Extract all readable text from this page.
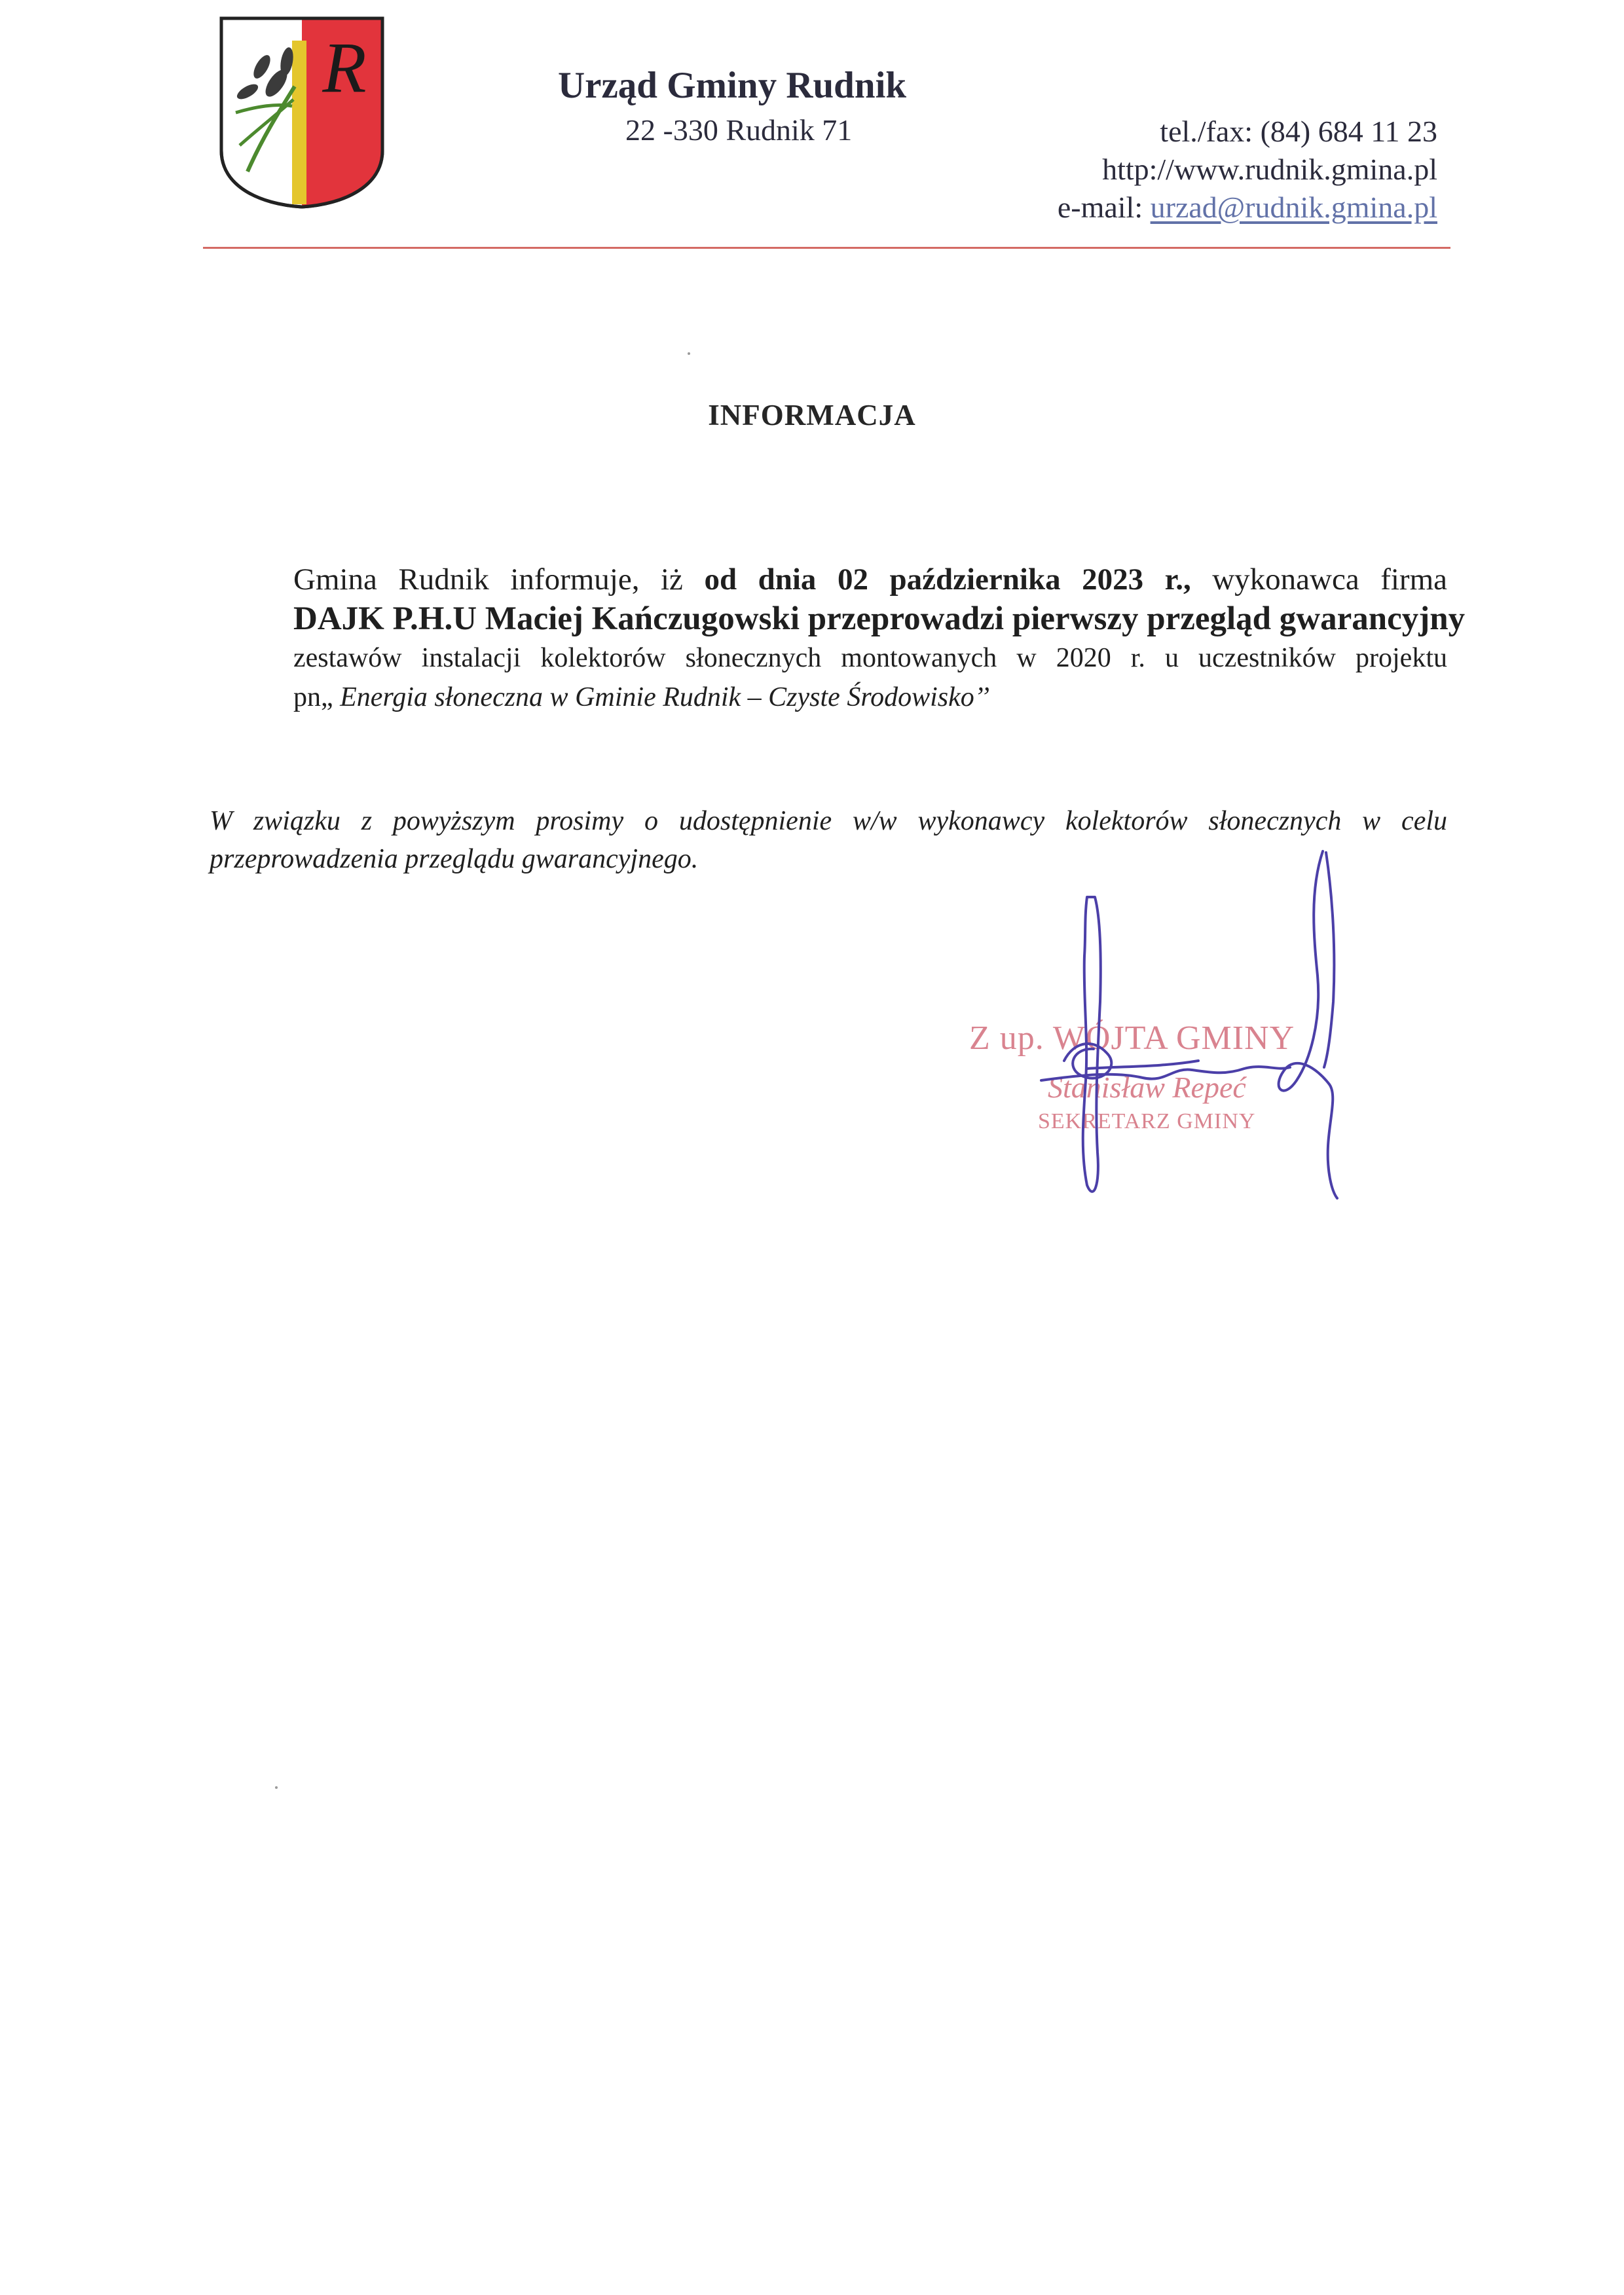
R	Urząd Gminy Rudnik
22 -330 Rudnik 71	tel./fax: (84) 684 11 23
http://www.rudnik.gmina.pl
e-mail: urzad@rudnik.gmina.pl
INFORMACJA
Gmina Rudnik informuje, iż od dnia 02 października 2023 r., wykonawca firma
DAJK P.H.U Maciej Kańczugowski przeprowadzi pierwszy przegląd gwarancyjny
zestawów instalacji kolektorów słonecznych montowanych w 2020 r. u uczestników projektu
pn„ Energia słoneczna w Gminie Rudnik – Czyste Środowisko’’
W związku z powyższym prosimy o udostępnienie w/w wykonawcy kolektorów słonecznych w celu
przeprowadzenia przeglądu gwarancyjnego.
Z up. WÓJTA GMINY
Stanisław Repeć
SEKRETARZ GMINY
